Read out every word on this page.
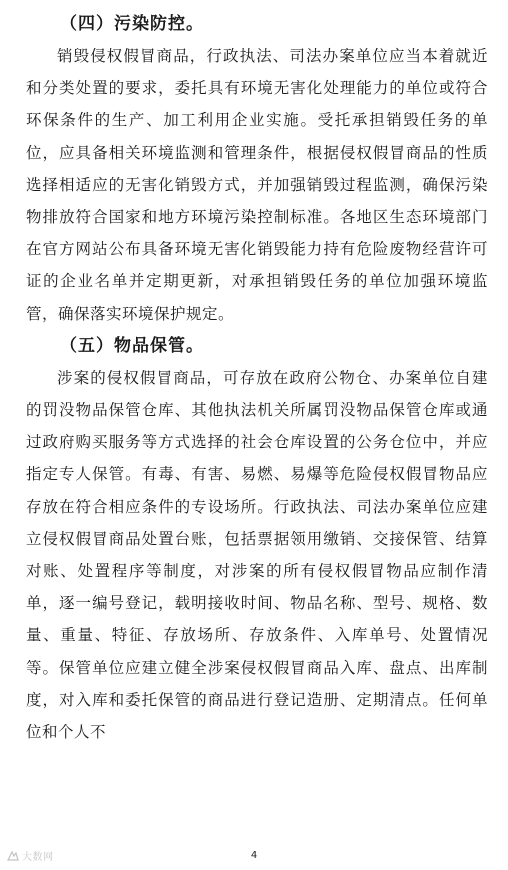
（四）污染防控。

销毁侵权假冒商品，行政执法、司法办案单位应当本着就近和分类处置的要求，委托具有环境无害化处理能力的单位或符合环保条件的生产、加工利用企业实施。受托承担销毁任务的单位，应具备相关环境监测和管理条件，根据侵权假冒商品的性质选择相适应的无害化销毁方式，并加强销毁过程监测，确保污染物排放符合国家和地方环境污染控制标准。各地区生态环境部门在官方网站公布具备环境无害化销毁能力持有危险废物经营许可证的企业名单并定期更新，对承担销毁任务的单位加强环境监管，确保落实环境保护规定。

（五）物品保管。

涉案的侵权假冒商品，可存放在政府公物仓、办案单位自建的罚没物品保管仓库、其他执法机关所属罚没物品保管仓库或通过政府购买服务等方式选择的社会仓库设置的公务仓位中，并应指定专人保管。有毒、有害、易燃、易爆等危险侵权假冒物品应存放在符合相应条件的专设场所。行政执法、司法办案单位应建立侵权假冒商品处置台账，包括票据领用缴销、交接保管、结算对账、处置程序等制度，对涉案的所有侵权假冒物品应制作清单，逐一编号登记，载明接收时间、物品名称、型号、规格、数量、重量、特征、存放场所、存放条件、入库单号、处置情况等。保管单位应建立健全涉案侵权假冒商品入库、盘点、出库制度，对入库和委托保管的商品进行登记造册、定期清点。任何单位和个人不

大数网	4
